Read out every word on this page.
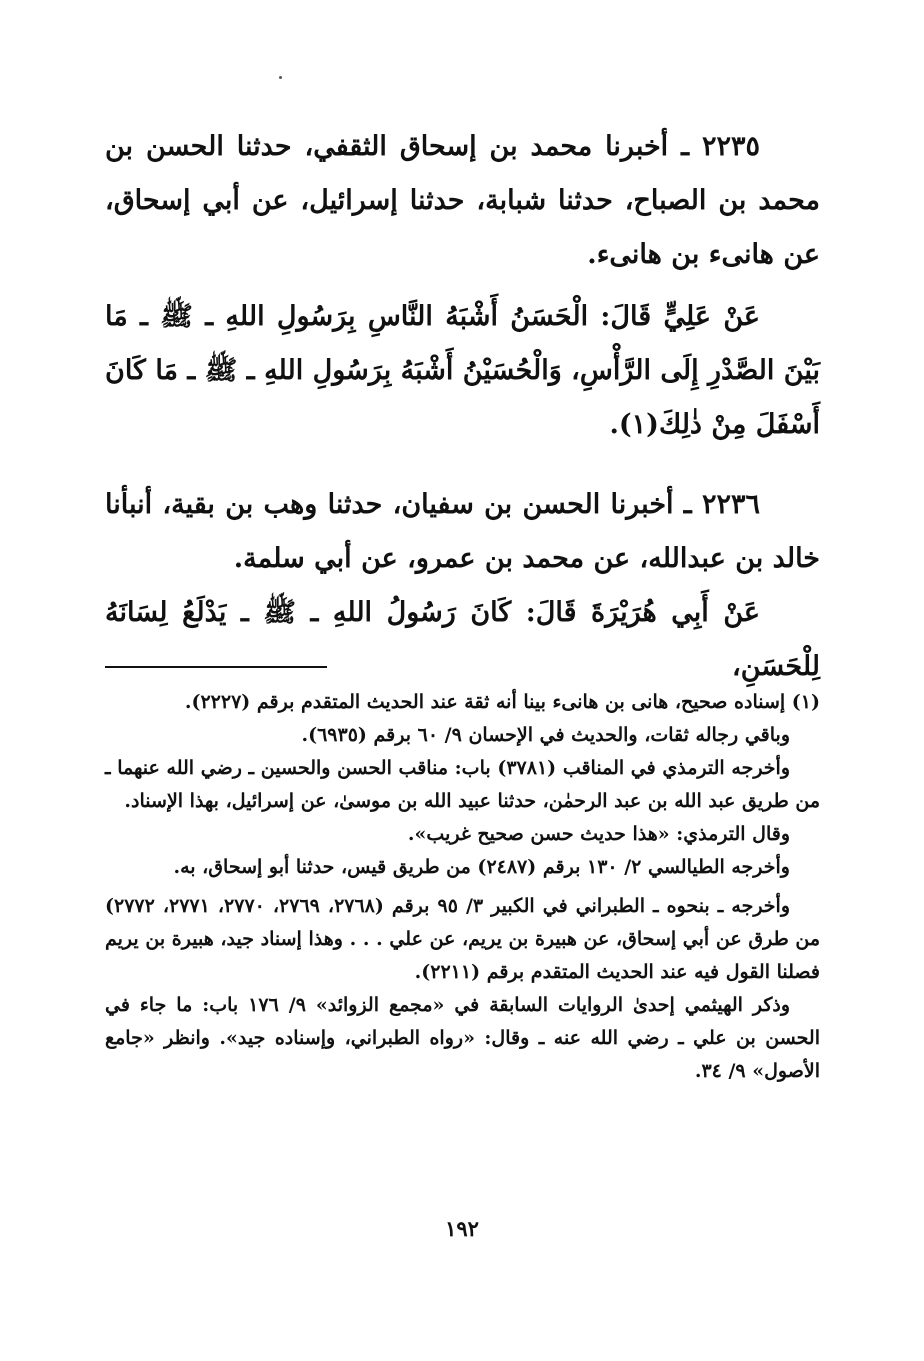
٢٢٣٥ ـ أخبرنا محمد بن إسحاق الثقفي، حدثنا الحسن بن محمد بن الصباح، حدثنا شبابة، حدثنا إسرائيل، عن أبي إسحاق، عن هانىء بن هانىء.

عَنْ عَلِيٍّ قَالَ: الْحَسَنُ أَشْبَهُ النَّاسِ بِرَسُولِ اللهِ ـ ﷺ ـ مَا بَيْنَ الصَّدْرِ إِلَى الرَّأْسِ، وَالْحُسَيْنُ أَشْبَهُ بِرَسُولِ اللهِ ـ ﷺ ـ مَا كَانَ أَسْفَلَ مِنْ ذٰلِكَ(١).

٢٢٣٦ ـ أخبرنا الحسن بن سفيان، حدثنا وهب بن بقية، أنبأنا خالد بن عبدالله، عن محمد بن عمرو، عن أبي سلمة.

عَنْ أَبِي هُرَيْرَةَ قَالَ: كَانَ رَسُولُ اللهِ ـ ﷺ ـ يَدْلَعُ لِسَانَهُ لِلْحَسَنِ،

(١) إسناده صحيح، هانى بن هانىء بينا أنه ثقة عند الحديث المتقدم برقم (٢٢٢٧).

وباقي رجاله ثقات، والحديث في الإحسان ٩/ ٦٠ برقم (٦٩٣٥).

وأخرجه الترمذي في المناقب (٣٧٨١) باب: مناقب الحسن والحسين ـ رضي الله عنهما ـ من طريق عبد الله بن عبد الرحمٰن، حدثنا عبيد الله بن موسىٰ، عن إسرائيل، بهذا الإسناد.

وقال الترمذي: «هذا حديث حسن صحيح غريب».

وأخرجه الطيالسي ٢/ ١٣٠ برقم (٢٤٨٧) من طريق قيس، حدثنا أبو إسحاق، به.

وأخرجه ـ بنحوه ـ الطبراني في الكبير ٣/ ٩٥ برقم (٢٧٦٨، ٢٧٦٩، ٢٧٧٠، ٢٧٧١، ٢٧٧٢) من طرق عن أبي إسحاق، عن هبيرة بن يريم، عن علي . . . وهذا إسناد جيد، هبيرة بن يريم فصلنا القول فيه عند الحديث المتقدم برقم (٢٢١١).

وذكر الهيثمي إحدىٰ الروايات السابقة في «مجمع الزوائد» ٩/ ١٧٦ باب: ما جاء في الحسن بن علي ـ رضي الله عنه ـ وقال: «رواه الطبراني، وإسناده جيد». وانظر «جامع الأصول» ٩/ ٣٤.

١٩٢
